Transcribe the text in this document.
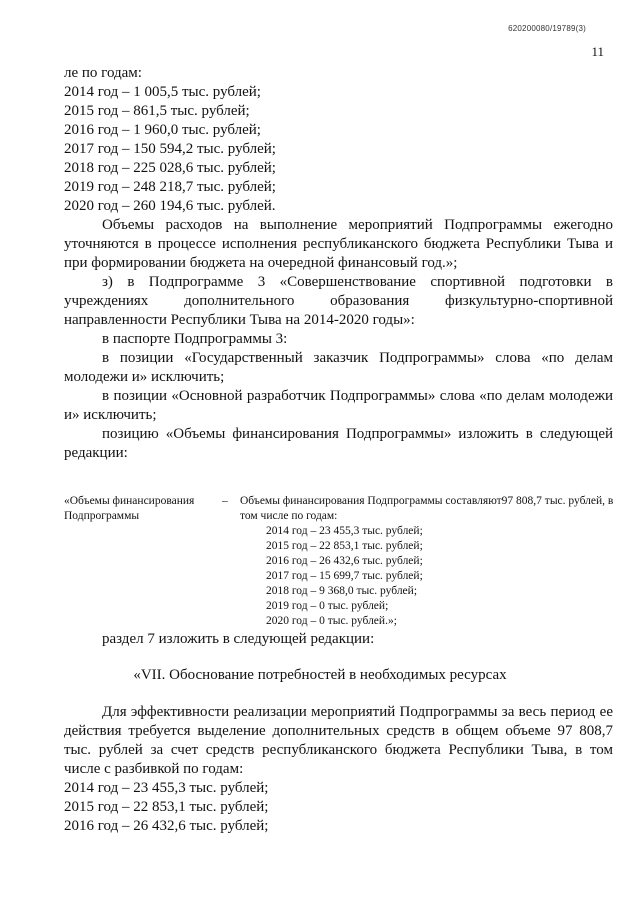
620200080/19789(3)
11

ле по годам:

2014 год – 1 005,5 тыс. рублей;

2015 год – 861,5 тыс. рублей;

2016 год – 1 960,0 тыс. рублей;

2017 год – 150 594,2 тыс. рублей;

2018 год – 225 028,6 тыс. рублей;

2019 год – 248 218,7 тыс. рублей;

2020 год – 260 194,6 тыс. рублей.

Объемы расходов на выполнение мероприятий Подпрограммы ежегодно уточняются в процессе исполнения республиканского бюджета Республики Тыва и при формировании бюджета на очередной финансовый год.»;

з) в Подпрограмме 3 «Совершенствование спортивной подготовки в учреждениях дополнительного образования физкультурно-спортивной направленности Республики Тыва на 2014-2020 годы»:

в паспорте Подпрограммы 3:

в позиции «Государственный заказчик Подпрограммы» слова «по делам молодежи и» исключить;

в позиции «Основной разработчик Подпрограммы» слова «по делам молодежи и» исключить;

позицию «Объемы финансирования Подпрограммы» изложить в следующей редакции:

«Объемы финансирования Подпрограммы
– Объемы финансирования Подпрограммы составляют97 808,7 тыс. рублей, в том числе по годам:

2014 год – 23 455,3 тыс. рублей;

2015 год – 22 853,1 тыс. рублей;

2016 год – 26 432,6 тыс. рублей;

2017 год – 15 699,7 тыс. рублей;

2018 год – 9 368,0 тыс. рублей;

2019 год – 0 тыс. рублей;

2020 год – 0 тыс. рублей.»;

раздел 7 изложить в следующей редакции:

«VII. Обоснование потребностей в необходимых ресурсах

Для эффективности реализации мероприятий Подпрограммы за весь период ее действия требуется выделение дополнительных средств в общем объеме 97 808,7 тыс. рублей за счет средств республиканского бюджета Республики Тыва, в том числе с разбивкой по годам:

2014 год – 23 455,3 тыс. рублей;

2015 год – 22 853,1 тыс. рублей;

2016 год – 26 432,6 тыс. рублей;
